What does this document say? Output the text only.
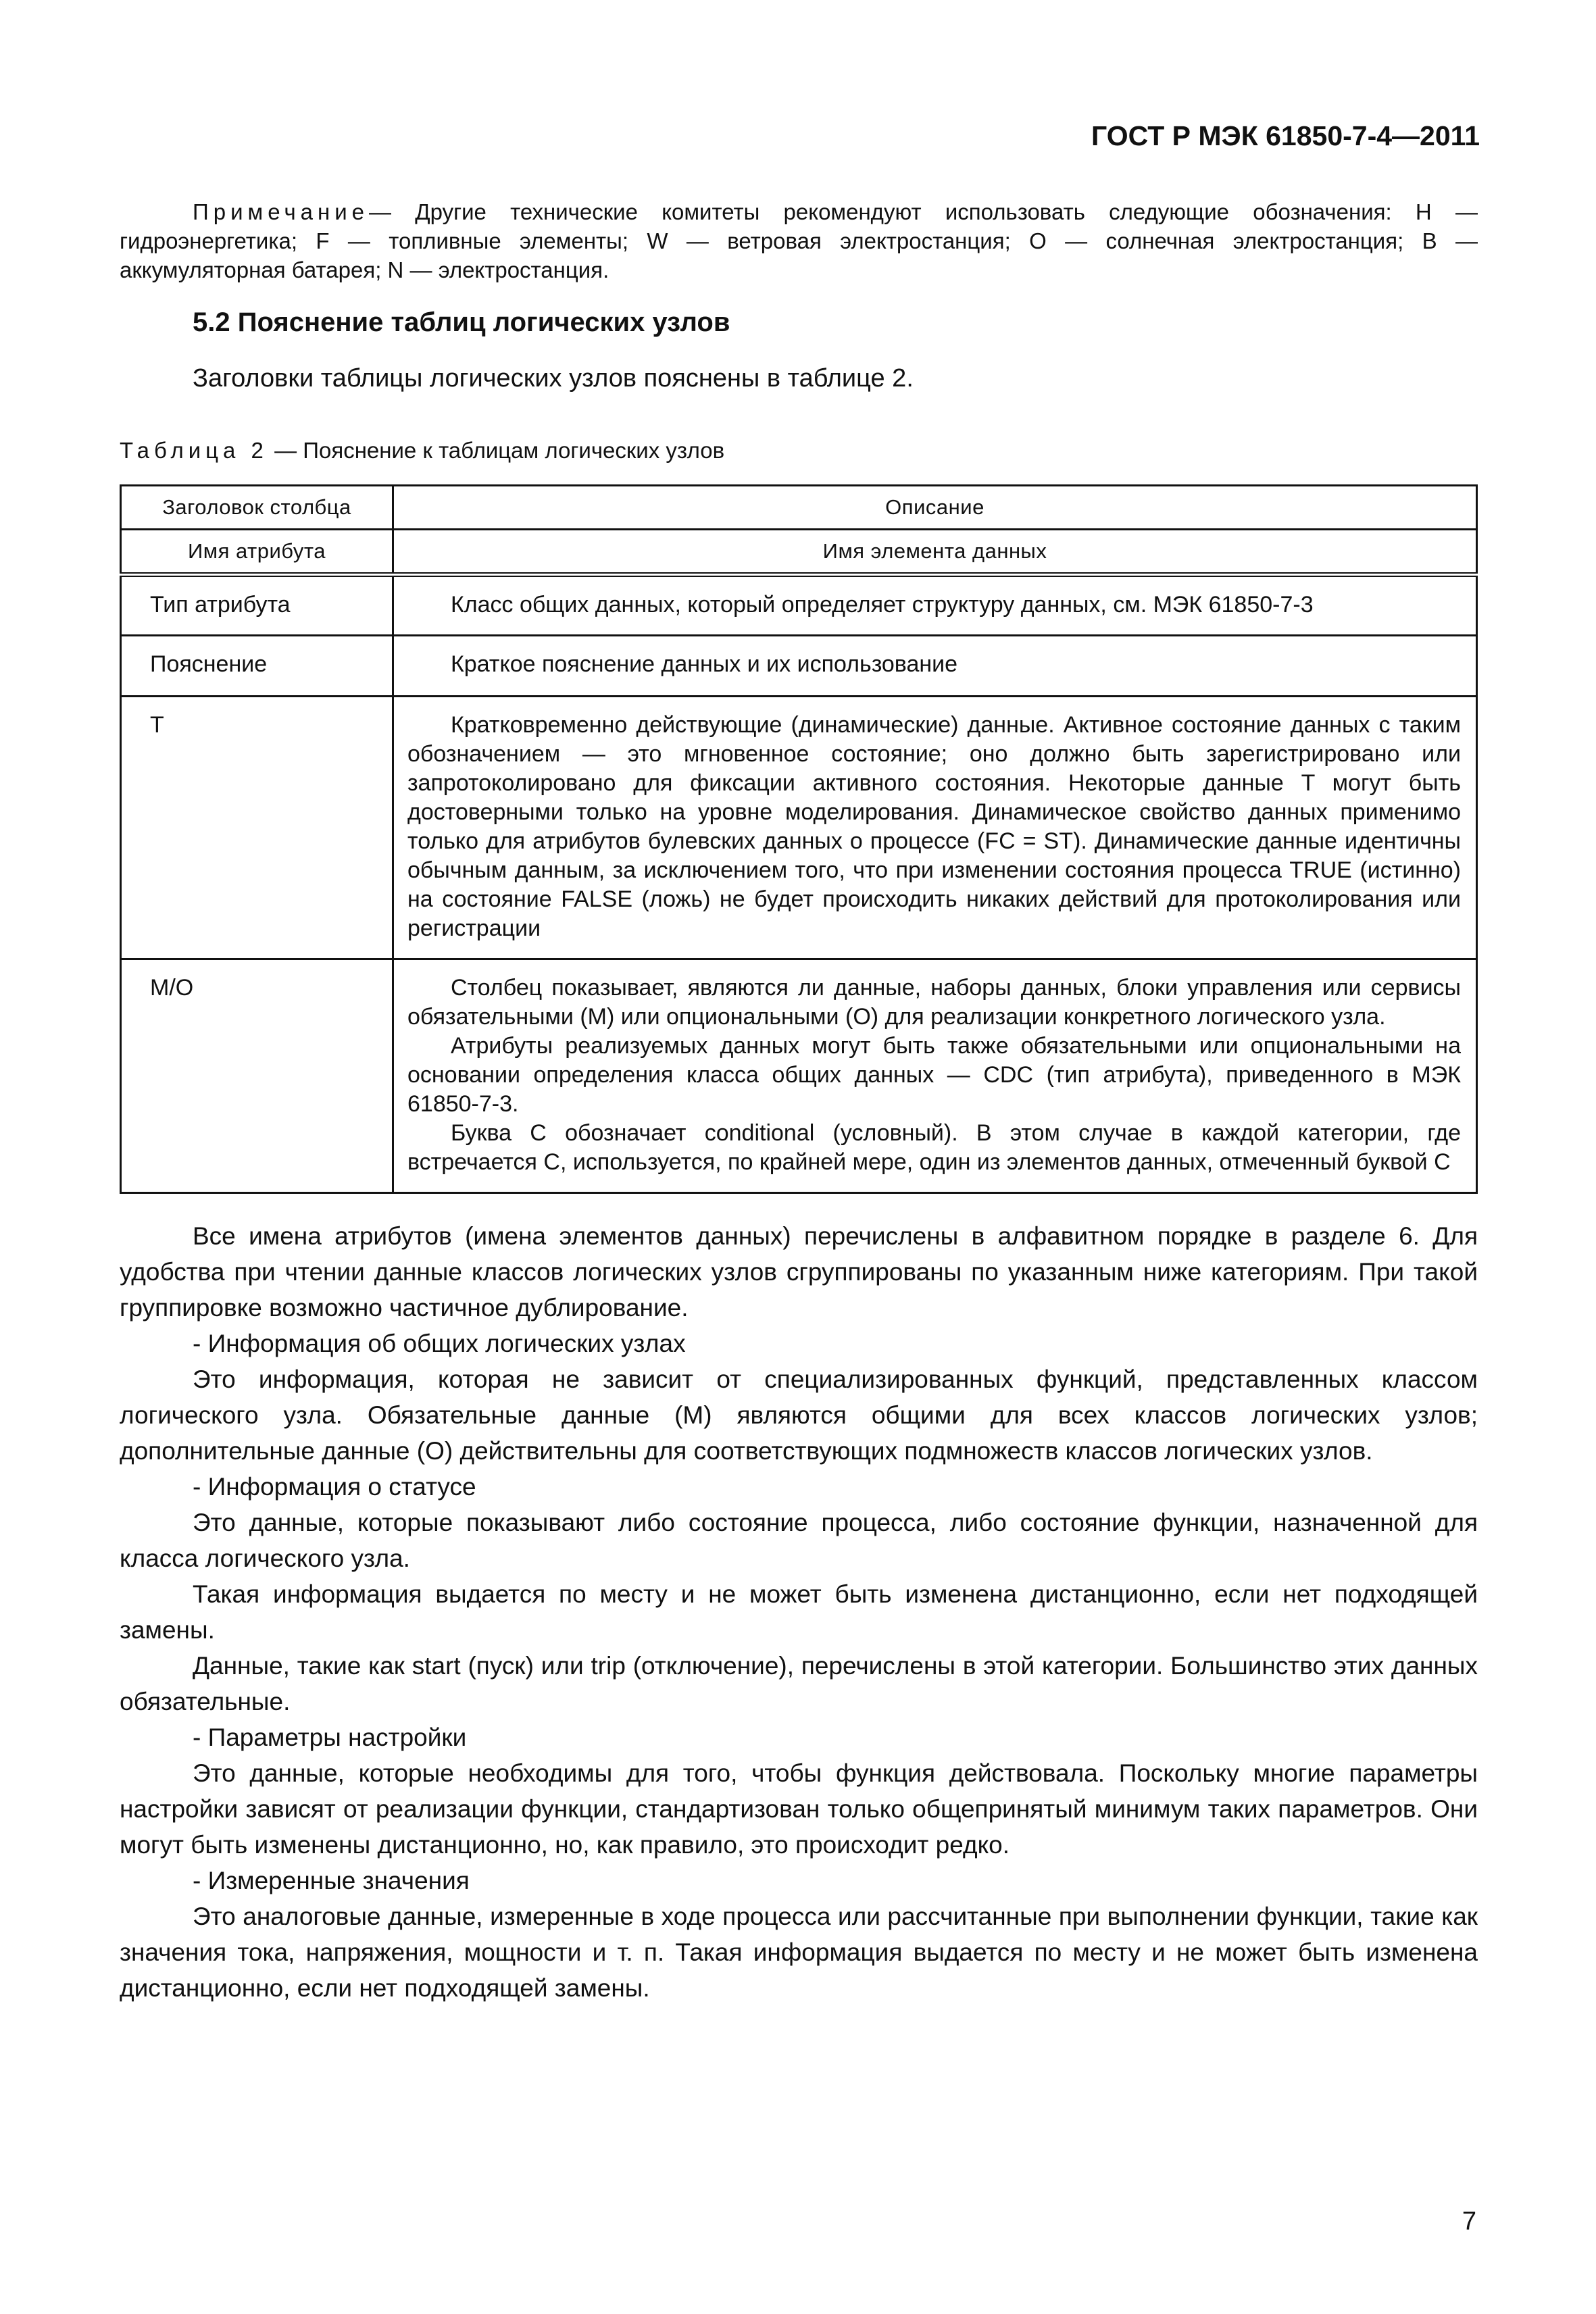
ГОСТ Р МЭК 61850-7-4—2011

Примечание— Другие технические комитеты рекомендуют использовать следующие обозначения: H — гидроэнергетика; F — топливные элементы; W — ветровая электростанция; O — солнечная электростанция; B — аккумуляторная батарея; N — электростанция.

5.2 Пояснение таблиц логических узлов
Заголовки таблицы логических узлов пояснены в таблице 2.
Таблица 2 — Пояснение к таблицам логических узлов
Заголовок столбца	Описание
Имя атрибута	Имя элемента данных
Тип атрибута	Класс общих данных, который определяет структуру данных, см. МЭК 61850-7-3

Пояснение	Краткое пояснение данных и их использование

T	Кратковременно действующие (динамические) данные. Активное состояние данных с таким обозначением — это мгновенное состояние; оно должно быть зарегистрировано или запротоколировано для фиксации активного состояния. Некоторые данные T могут быть достоверными только на уровне моделирования. Динамическое свойство данных применимо только для атрибутов булевских данных о процессе (FC = ST). Динамические данные идентичны обычным данным, за исключением того, что при изменении состояния процесса TRUE (истинно) на состояние FALSE (ложь) не будет происходить никаких действий для протоколирования или регистрации

M/O	Столбец показывает, являются ли данные, наборы данных, блоки управления или сервисы обязательными (M) или опциональными (O) для реализации конкретного логического узла.

Атрибуты реализуемых данных могут быть также обязательными или опциональными на основании определения класса общих данных — CDC (тип атрибута), приведенного в МЭК 61850-7-3.

Буква С обозначает conditional (условный). В этом случае в каждой категории, где встречается С, используется, по крайней мере, один из элементов данных, отмеченный буквой С

Все имена атрибутов (имена элементов данных) перечислены в алфавитном порядке в разделе 6. Для удобства при чтении данные классов логических узлов сгруппированы по указанным ниже категориям. При такой группировке возможно частичное дублирование.

- Информация об общих логических узлах

Это информация, которая не зависит от специализированных функций, представленных классом логического узла. Обязательные данные (M) являются общими для всех классов логических узлов; дополнительные данные (O) действительны для соответствующих подмножеств классов логических узлов.

- Информация о статусе

Это данные, которые показывают либо состояние процесса, либо состояние функции, назначенной для класса логического узла.

Такая информация выдается по месту и не может быть изменена дистанционно, если нет подходящей замены.

Данные, такие как start (пуск) или trip (отключение), перечислены в этой категории. Большинство этих данных обязательные.

- Параметры настройки

Это данные, которые необходимы для того, чтобы функция действовала. Поскольку многие параметры настройки зависят от реализации функции, стандартизован только общепринятый минимум таких параметров. Они могут быть изменены дистанционно, но, как правило, это происходит редко.

- Измеренные значения

Это аналоговые данные, измеренные в ходе процесса или рассчитанные при выполнении функции, такие как значения тока, напряжения, мощности и т. п. Такая информация выдается по месту и не может быть изменена дистанционно, если нет подходящей замены.

7
